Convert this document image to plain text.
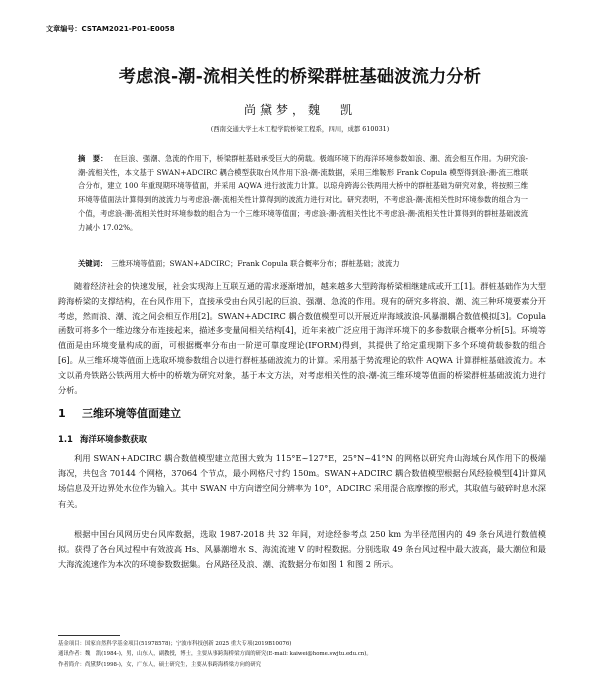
文章编号：CSTAM2021-P01-E0058
考虑浪-潮-流相关性的桥梁群桩基础波流力分析
尚黛梦，魏　凯
(西南交通大学土木工程学院桥梁工程系，四川，成都 610031)
摘　要： 在巨浪、强潮、急流的作用下，桥梁群桩基础承受巨大的荷载。极端环境下的海洋环境参数如浪、潮、流会相互作用。为研究浪-潮-流相关性，本文基于 SWAN+ADCIRC 耦合模型获取台风作用下浪-潮-流数据，采用三维鞍形 Frank Copula 模型得到浪-潮-流三维联合分布，建立 100 年重现期环境等值面，并采用 AQWA 进行波流力计算。以琼舟跨海公铁两用大桥中的群桩基础为研究对象，将按照三维环境等值面法计算得到的波流力与考虑浪-潮-流相关性计算得到的波流力进行对比。研究表明，不考虑浪-潮-流相关性时环境参数的组合为一个值，考虑浪-潮-流相关性时环境参数的组合为一个三维环境等值面；考虑浪-潮-流相关性比不考虑浪-潮-流相关性计算得到的群桩基础波流力减小 17.02%。
关键词： 三维环境等值面；SWAN+ADCIRC；Frank Copula 联合概率分布；群桩基础；波流力

随着经济社会的快速发展，社会实现海上互联互通的需求逐渐增加，越来越多大型跨海桥梁相继建成或开工[1]。群桩基础作为大型跨海桥梁的支撑结构，在台风作用下，直接承受由台风引起的巨浪、强潮、急流的作用。现有的研究多将浪、潮、流三种环境要素分开考虑，然而浪、潮、流之间会相互作用[2]。SWAN+ADCIRC 耦合数值模型可以开展近岸海域波浪-风暴潮耦合数值模拟[3]。Copula 函数可将多个一维边缘分布连接起来，描述多变量间相关结构[4]，近年来被广泛应用于海洋环境下的多参数联合概率分析[5]。环境等值面是由环境变量构成的面，可根据概率分布由一阶逆可靠度理论(IFORM)得到，其提供了给定重现期下多个环境荷载参数的组合[6]。从三维环境等值面上选取环境参数组合以进行群桩基础波流力的计算。采用基于势流理论的软件 AQWA 计算群桩基础波流力。本文以甬舟铁路公铁两用大桥中的桥墩为研究对象，基于本文方法，对考虑相关性的浪-潮-流三维环境等值面的桥梁群桩基础波流力进行分析。

1 三维环境等值面建立
1.1 海洋环境参数获取

利用 SWAN+ADCIRC 耦合数值模型建立范围大致为 115°E~127°E，25°N~41°N 的网格以研究舟山海域台风作用下的极端海况，共包含 70144 个网格，37064 个节点，最小网格尺寸约 150m。SWAN+ADCIRC 耦合数值模型根据台风经验模型[4]计算风场信息及开边界处水位作为输入。其中 SWAN 中方向谱空间分辨率为 10°，ADCIRC 采用混合底摩擦的形式，其取值与破碎时息水深有关。

根据中国台风网历史台风库数据，选取 1987-2018 共 32 年间，对途经参考点 250 km 为半径范围内的 49 条台风进行数值模拟。获得了各台风过程中有效波高 Hs、风暴潮增水 S、海流流速 V 的时程数据。分别选取 49 条台风过程中最大波高，最大潮位和最大海流流速作为本次的环境参数数据集。台风路径及浪、潮、流数据分布如图 1 和图 2 所示。

基金项目：国家自然科学基金项目(51978578)；宁波市科技创新 2025 重大专项(2019B10076)
通讯作者：魏　凯(1984-)，男，山东人，副教授，博士，主要从事跨海桥梁方面的研究(E-mail: kaiwei@home.swjtu.edu.cn)。
作者简介：尚黛梦(1998-)，女，广东人，硕士研究生，主要从事跨海桥梁方向的研究
